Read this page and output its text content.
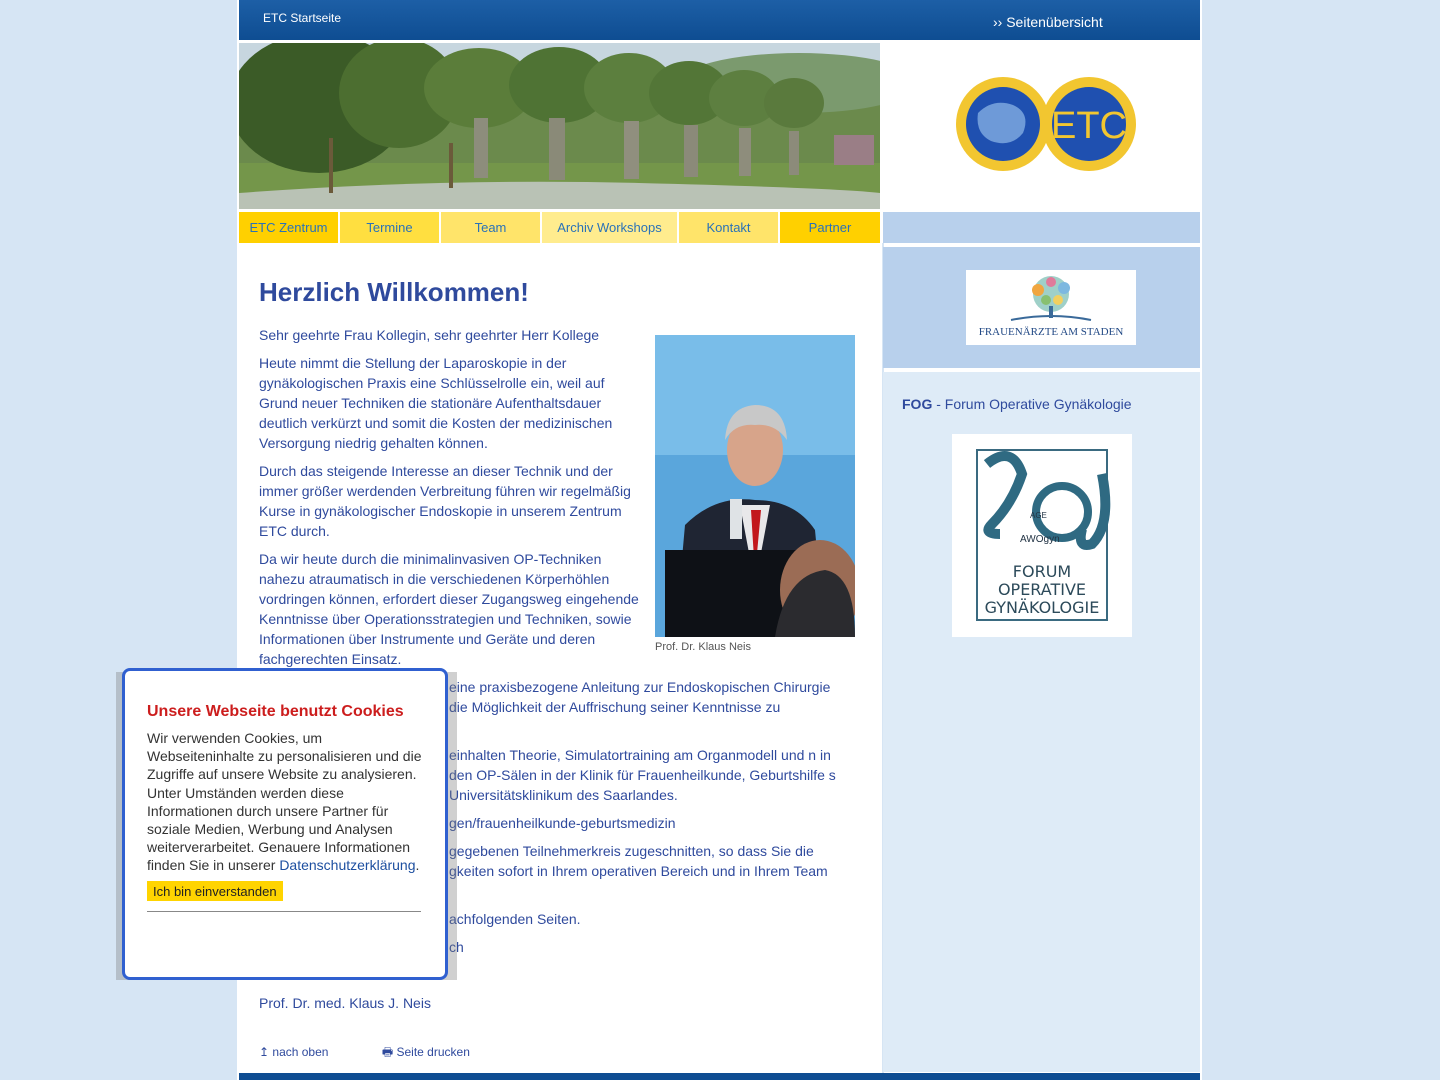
ETC Startseite	›› Seitenübersicht
ETC
ETC Zentrum	Termine	Team	Archiv Workshops	Kontakt	Partner
Herzlich Willkommen!
Prof. Dr. Klaus Neis

Sehr geehrte Frau Kollegin, sehr geehrter Herr Kollege

Heute nimmt die Stellung der Laparoskopie in der gynäkologischen Praxis eine Schlüsselrolle ein, weil auf Grund neuer Techniken die stationäre Aufenthaltsdauer deutlich verkürzt und somit die Kosten der medizinischen Versorgung niedrig gehalten können.

Durch das steigende Interesse an dieser Technik und der immer größer werdenden Verbreitung führen wir regelmäßig Kurse in gynäkologischer Endoskopie in unserem Zentrum ETC durch.

Da wir heute durch die minimalinvasiven OP-Techniken nahezu atraumatisch in die verschiedenen Körperhöhlen vordringen können, erfordert dieser Zugangsweg eingehende Kenntnisse über Operationsstrategien und Techniken, sowie Informationen über Instrumente und Geräte und deren fachgerechten Einsatz.

eine praxisbezogene Anleitung zur Endoskopischen Chirurgie die Möglichkeit der Auffrischung seiner Kenntnisse zu

einhalten Theorie, Simulatortraining am Organmodell und n in den OP-Sälen in der Klinik für Frauenheilkunde, Geburtshilfe s Universitätsklinikum des Saarlandes.

gen/frauenheilkunde-geburtsmedizin

gegebenen Teilnehmerkreis zugeschnitten, so dass Sie die gkeiten sofort in Ihrem operativen Bereich und in Ihrem Team

achfolgenden Seiten.

ch

Prof. Dr. med. Klaus J. Neis

↥ nach oben	🖶 Seite drucken
FRAUENÄRZTE AM STADEN
FOG - Forum Operative Gynäkologie
AGE
AWOgyn
FORUM
OPERATIVE
GYNÄKOLOGIE
Unsere Webseite benutzt Cookies

Wir verwenden Cookies, um Webseiteninhalte zu personalisieren und die Zugriffe auf unsere Website zu analysieren. Unter Umständen werden diese Informationen durch unsere Partner für soziale Medien, Werbung und Analysen weiterverarbeitet. Genauere Informationen finden Sie in unserer Datenschutzerklärung.

Ich bin einverstanden
